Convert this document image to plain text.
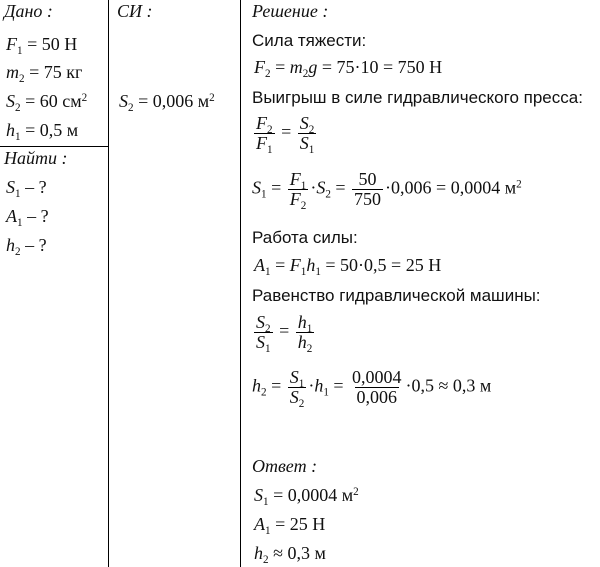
Дано :	СИ :	Решение :
Найти :
$F_1 = 50$ Н
$m_2 = 75$ кг
$S_2 = 60$ $см^2$
$h_1 = 0,5$ м
$S_2 = 0,006$ $м^2$
$S_1$ – ?
$A_1$ – ?
$h_2$ – ?
Сила тяжести:
$F_2 = m_2g = 75\cdot 10 = 750$ Н
Выигрыш в силе гидравлического пресса:
$\frac{F_2}{F_1} = \frac{S_2}{S_1}$
$S_1 = \frac{F_1}{F_2} \cdot S_2 = \frac{50}{750} \cdot 0,006 = 0,0004$ $м^2$
Работа силы:
$A_1 = F_1h_1 = 50\cdot 0,5 = 25$ Н
Равенство гидравлической машины:
$\frac{S_2}{S_1} = \frac{h_1}{h_2}$
$h_2 = \frac{S_1}{S_2} \cdot h_1 = \frac{0,0004}{0,006} \cdot 0,5 \approx 0,3$ м
Ответ :
$S_1 = 0,0004$ $м^2$
$A_1 = 25$ Н
$h_2 \approx 0,3$ м
